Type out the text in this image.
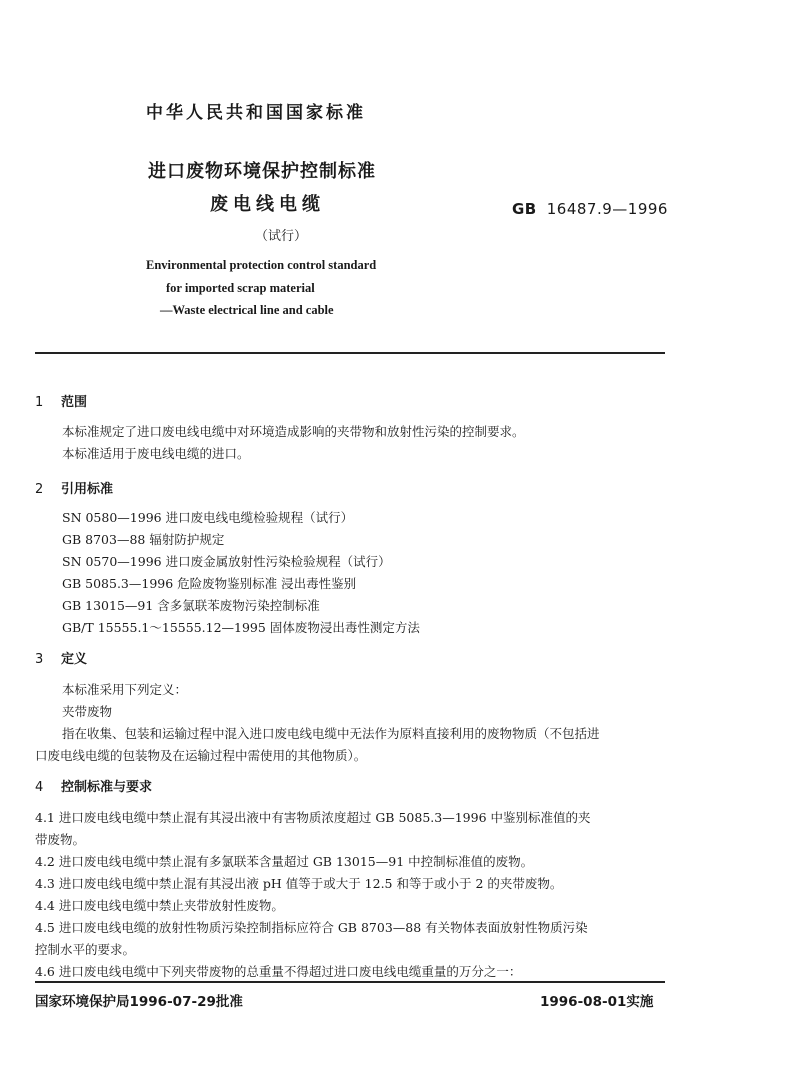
中华人民共和国国家标准
进口废物环境保护控制标准
废电线电缆
（试行）
GB 16487.9—1996
Environmental protection control standard
for imported scrap material
—Waste electrical line and cable
1 范围
本标准规定了进口废电线电缆中对环境造成影响的夹带物和放射性污染的控制要求。
本标准适用于废电线电缆的进口。
2 引用标准
SN 0580—1996 进口废电线电缆检验规程（试行）
GB 8703—88 辐射防护规定
SN 0570—1996 进口废金属放射性污染检验规程（试行）
GB 5085.3—1996 危险废物鉴别标准 浸出毒性鉴别
GB 13015—91 含多氯联苯废物污染控制标准
GB/T 15555.1～15555.12—1995 固体废物浸出毒性测定方法
3 定义
本标准采用下列定义：
夹带废物
指在收集、包装和运输过程中混入进口废电线电缆中无法作为原料直接利用的废物物质（不包括进
口废电线电缆的包装物及在运输过程中需使用的其他物质）。
4 控制标准与要求
4.1 进口废电线电缆中禁止混有其浸出液中有害物质浓度超过 GB 5085.3—1996 中鉴别标准值的夹
带废物。
4.2 进口废电线电缆中禁止混有多氯联苯含量超过 GB 13015—91 中控制标准值的废物。
4.3 进口废电线电缆中禁止混有其浸出液 pH 值等于或大于 12.5 和等于或小于 2 的夹带废物。
4.4 进口废电线电缆中禁止夹带放射性废物。
4.5 进口废电线电缆的放射性物质污染控制指标应符合 GB 8703—88 有关物体表面放射性物质污染
控制水平的要求。
4.6 进口废电线电缆中下列夹带废物的总重量不得超过进口废电线电缆重量的万分之一：
国家环境保护局1996-07-29批准	1996-08-01实施
